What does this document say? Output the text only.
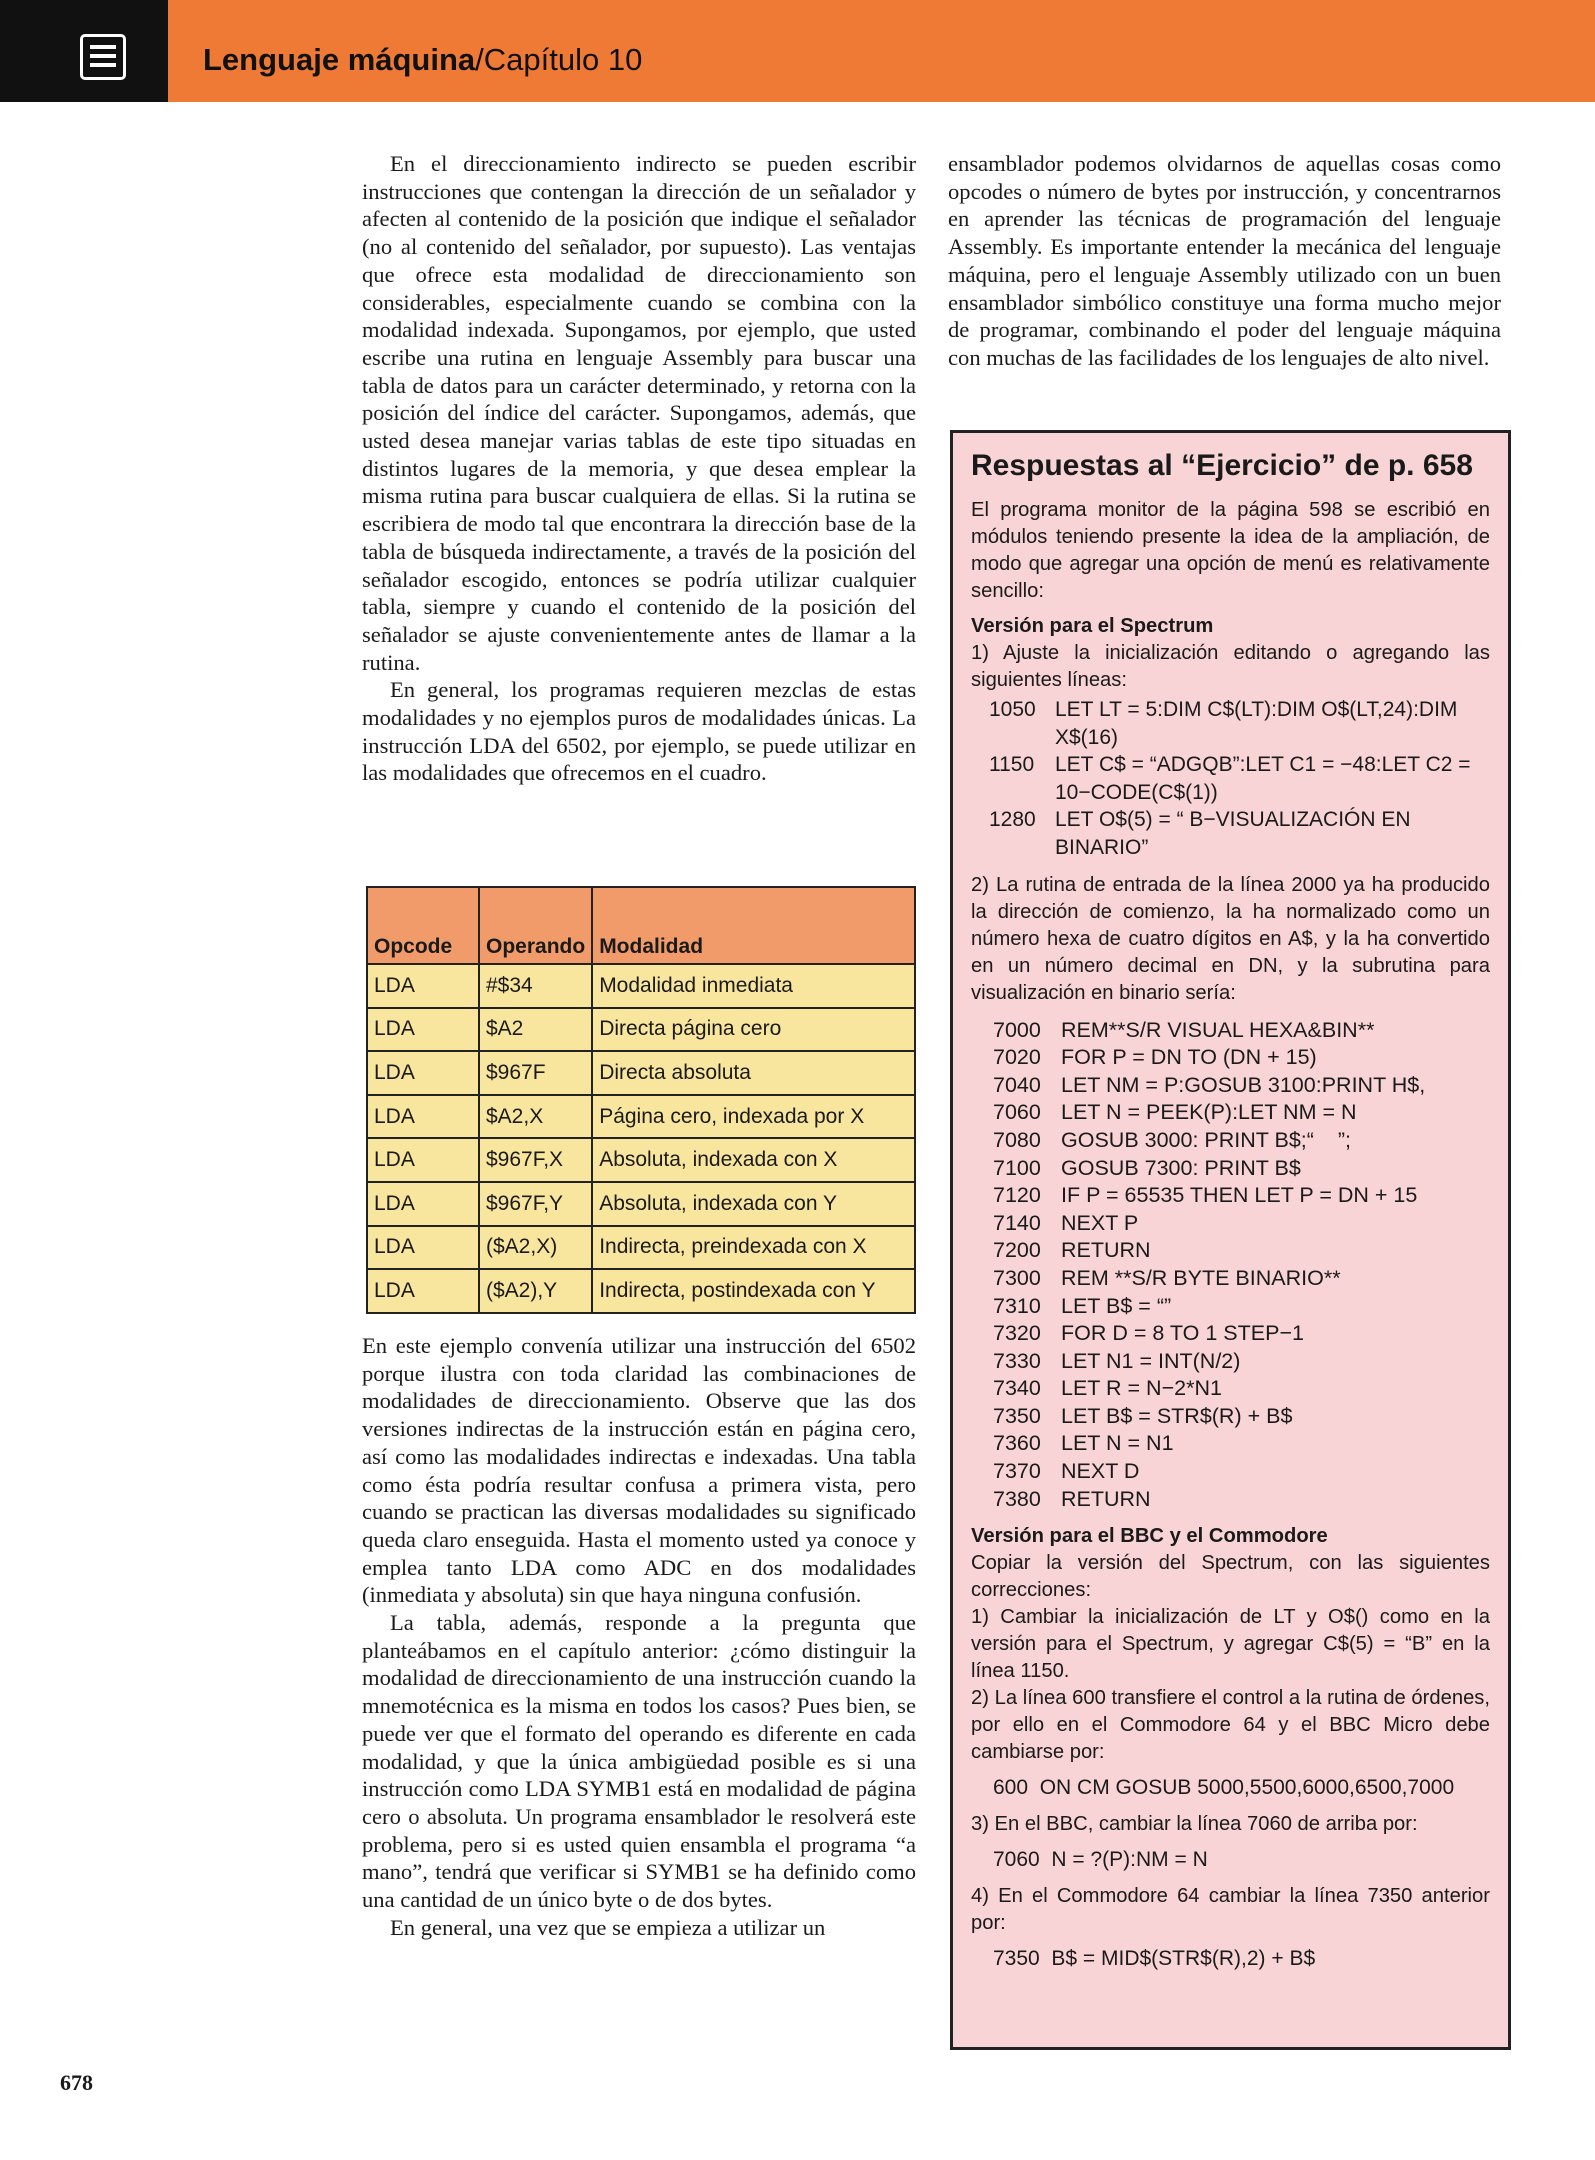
Lenguaje máquina/Capítulo 10

En el direccionamiento indirecto se pueden escribir instrucciones que contengan la dirección de un señalador y afecten al contenido de la posición que indique el señalador (no al contenido del señalador, por supuesto). Las ventajas que ofrece esta modalidad de direccionamiento son considerables, especialmente cuando se combina con la modalidad indexada. Supongamos, por ejemplo, que usted escribe una rutina en lenguaje Assembly para buscar una tabla de datos para un carácter determinado, y retorna con la posición del índice del carácter. Supongamos, además, que usted desea manejar varias tablas de este tipo situadas en distintos lugares de la memoria, y que desea emplear la misma rutina para buscar cualquiera de ellas. Si la rutina se escribiera de modo tal que encontrara la dirección base de la tabla de búsqueda indirectamente, a través de la posición del señalador escogido, entonces se podría utilizar cualquier tabla, siempre y cuando el contenido de la posición del señalador se ajuste convenientemente antes de llamar a la rutina.

En general, los programas requieren mezclas de estas modalidades y no ejemplos puros de modalidades únicas. La instrucción LDA del 6502, por ejemplo, se puede utilizar en las modalidades que ofrecemos en el cuadro.

Opcode	Operando	Modalidad
LDA	#$34	Modalidad inmediata
LDA	$A2	Directa página cero
LDA	$967F	Directa absoluta
LDA	$A2,X	Página cero, indexada por X
LDA	$967F,X	Absoluta, indexada con X
LDA	$967F,Y	Absoluta, indexada con Y
LDA	($A2,X)	Indirecta, preindexada con X
LDA	($A2),Y	Indirecta, postindexada con Y

En este ejemplo convenía utilizar una instrucción del 6502 porque ilustra con toda claridad las combinaciones de modalidades de direccionamiento. Observe que las dos versiones indirectas de la instrucción están en página cero, así como las modalidades indirectas e indexadas. Una tabla como ésta podría resultar confusa a primera vista, pero cuando se practican las diversas modalidades su significado queda claro enseguida. Hasta el momento usted ya conoce y emplea tanto LDA como ADC en dos modalidades (inmediata y absoluta) sin que haya ninguna confusión.

La tabla, además, responde a la pregunta que planteábamos en el capítulo anterior: ¿cómo distinguir la modalidad de direccionamiento de una instrucción cuando la mnemotécnica es la misma en todos los casos? Pues bien, se puede ver que el formato del operando es diferente en cada modalidad, y que la única ambigüedad posible es si una instrucción como LDA SYMB1 está en modalidad de página cero o absoluta. Un programa ensamblador le resolverá este problema, pero si es usted quien ensambla el programa “a mano”, tendrá que verificar si SYMB1 se ha definido como una cantidad de un único byte o de dos bytes.

En general, una vez que se empieza a utilizar un

ensamblador podemos olvidarnos de aquellas cosas como opcodes o número de bytes por instrucción, y concentrarnos en aprender las técnicas de programación del lenguaje Assembly. Es importante entender la mecánica del lenguaje máquina, pero el lenguaje Assembly utilizado con un buen ensamblador simbólico constituye una forma mucho mejor de programar, combinando el poder del lenguaje máquina con muchas de las facilidades de los lenguajes de alto nivel.

Respuestas al “Ejercicio” de p. 658
El programa monitor de la página 598 se escribió en módulos teniendo presente la idea de la ampliación, de modo que agregar una opción de menú es relativamente sencillo:
Versión para el Spectrum
1) Ajuste la inicialización editando o agregando las siguientes líneas:
1050 LET LT = 5:DIM C$(LT):DIM O$(LT,24):DIM X$(16)
1150 LET C$ = “ADGQB”:LET C1 = −48:LET C2 = 10−CODE(C$(1))
1280 LET O$(5) = “ B−VISUALIZACIÓN EN BINARIO”
2) La rutina de entrada de la línea 2000 ya ha producido la dirección de comienzo, la ha normalizado como un número hexa de cuatro dígitos en A$, y la ha convertido en un número decimal en DN, y la subrutina para visualización en binario sería:
7000 REM**S/R VISUAL HEXA&BIN**
7020 FOR P = DN TO (DN + 15)
7040 LET NM = P:GOSUB 3100:PRINT H$,
7060 LET N = PEEK(P):LET NM = N
7080 GOSUB 3000: PRINT B$;“    ”;
7100 GOSUB 7300: PRINT B$
7120 IF P = 65535 THEN LET P = DN + 15
7140 NEXT P
7200 RETURN
7300 REM **S/R BYTE BINARIO**
7310 LET B$ = “”
7320 FOR D = 8 TO 1 STEP−1
7330 LET N1 = INT(N/2)
7340 LET R = N−2*N1
7350 LET B$ = STR$(R) + B$
7360 LET N = N1
7370 NEXT D
7380 RETURN
Versión para el BBC y el Commodore
Copiar la versión del Spectrum, con las siguientes correcciones:
1) Cambiar la inicialización de LT y O$() como en la versión para el Spectrum, y agregar C$(5) = “B” en la línea 1150.
2) La línea 600 transfiere el control a la rutina de órdenes, por ello en el Commodore 64 y el BBC Micro debe cambiarse por:
600  ON CM GOSUB 5000,5500,6000,6500,7000
3) En el BBC, cambiar la línea 7060 de arriba por:
7060  N = ?(P):NM = N
4) En el Commodore 64 cambiar la línea 7350 anterior por:
7350  B$ = MID$(STR$(R),2) + B$
678
